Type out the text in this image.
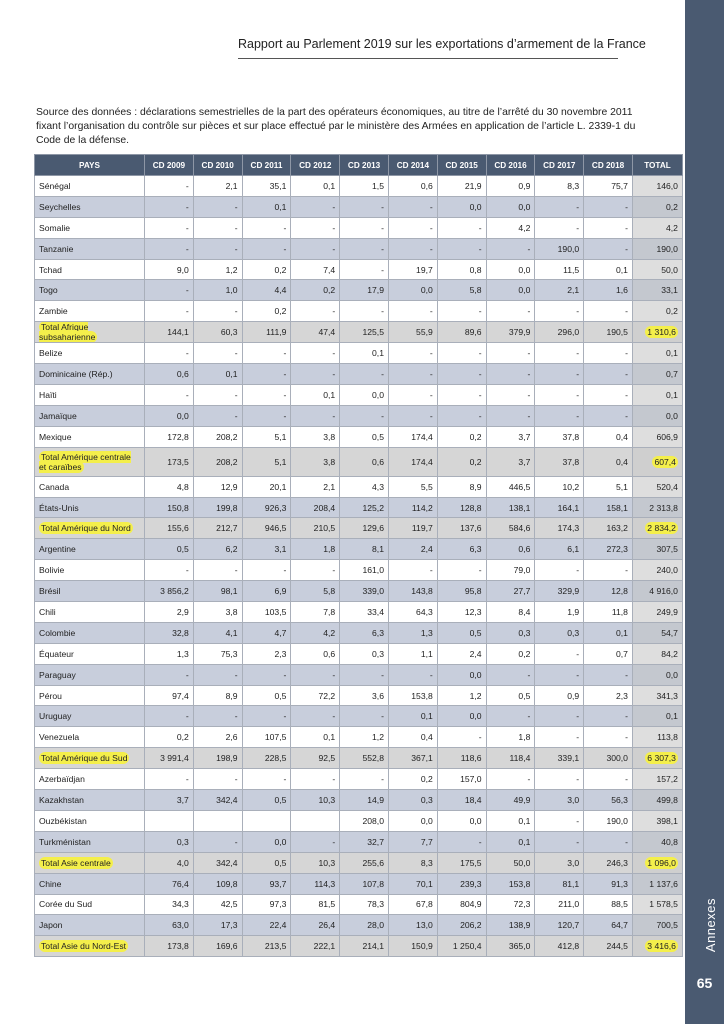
Annexes
65
Rapport au Parlement 2019 sur les exportations d’armement de la France
Source des données : déclarations semestrielles de la part des opérateurs économiques, au titre de l’arrêté du 30 novembre 2011 fixant l’organisation du contrôle sur pièces et sur place effectué par le ministère des Armées en application de l’article L. 2339-1 du Code de la défense.
PAYS	CD 2009	CD 2010	CD 2011	CD 2012	CD 2013	CD 2014	CD 2015	CD 2016	CD 2017	CD 2018	TOTAL
Sénégal	-	2,1	35,1	0,1	1,5	0,6	21,9	0,9	8,3	75,7	146,0
Seychelles	-	-	0,1	-	-	-	0,0	0,0	-	-	0,2
Somalie	-	-	-	-	-	-	-	4,2	-	-	4,2
Tanzanie	-	-	-	-	-	-	-	-	190,0	-	190,0
Tchad	9,0	1,2	0,2	7,4	-	19,7	0,8	0,0	11,5	0,1	50,0
Togo	-	1,0	4,4	0,2	17,9	0,0	5,8	0,0	2,1	1,6	33,1
Zambie	-	-	0,2	-	-	-	-	-	-	-	0,2
Total Afrique subsaharienne	144,1	60,3	111,9	47,4	125,5	55,9	89,6	379,9	296,0	190,5	1 310,6
Belize	-	-	-	-	0,1	-	-	-	-	-	0,1
Dominicaine (Rép.)	0,6	0,1	-	-	-	-	-	-	-	-	0,7
Haïti	-	-	-	0,1	0,0	-	-	-	-	-	0,1
Jamaïque	0,0	-	-	-	-	-	-	-	-	-	0,0
Mexique	172,8	208,2	5,1	3,8	0,5	174,4	0,2	3,7	37,8	0,4	606,9
Total Amérique centrale et caraïbes	173,5	208,2	5,1	3,8	0,6	174,4	0,2	3,7	37,8	0,4	607,4
Canada	4,8	12,9	20,1	2,1	4,3	5,5	8,9	446,5	10,2	5,1	520,4
États-Unis	150,8	199,8	926,3	208,4	125,2	114,2	128,8	138,1	164,1	158,1	2 313,8
Total Amérique du Nord	155,6	212,7	946,5	210,5	129,6	119,7	137,6	584,6	174,3	163,2	2 834,2
Argentine	0,5	6,2	3,1	1,8	8,1	2,4	6,3	0,6	6,1	272,3	307,5
Bolivie	-	-	-	-	161,0	-	-	79,0	-	-	240,0
Brésil	3 856,2	98,1	6,9	5,8	339,0	143,8	95,8	27,7	329,9	12,8	4 916,0
Chili	2,9	3,8	103,5	7,8	33,4	64,3	12,3	8,4	1,9	11,8	249,9
Colombie	32,8	4,1	4,7	4,2	6,3	1,3	0,5	0,3	0,3	0,1	54,7
Équateur	1,3	75,3	2,3	0,6	0,3	1,1	2,4	0,2	-	0,7	84,2
Paraguay	-	-	-	-	-	-	0,0	-	-	-	0,0
Pérou	97,4	8,9	0,5	72,2	3,6	153,8	1,2	0,5	0,9	2,3	341,3
Uruguay	-	-	-	-	-	0,1	0,0	-	-	-	0,1
Venezuela	0,2	2,6	107,5	0,1	1,2	0,4	-	1,8	-	-	113,8
Total Amérique du Sud	3 991,4	198,9	228,5	92,5	552,8	367,1	118,6	118,4	339,1	300,0	6 307,3
Azerbaïdjan	-	-	-	-	-	0,2	157,0	-	-	-	157,2
Kazakhstan	3,7	342,4	0,5	10,3	14,9	0,3	18,4	49,9	3,0	56,3	499,8
Ouzbékistan					208,0	0,0	0,0	0,1	-	190,0	398,1
Turkménistan	0,3	-	0,0	-	32,7	7,7	-	0,1	-	-	40,8
Total Asie centrale	4,0	342,4	0,5	10,3	255,6	8,3	175,5	50,0	3,0	246,3	1 096,0
Chine	76,4	109,8	93,7	114,3	107,8	70,1	239,3	153,8	81,1	91,3	1 137,6
Corée du Sud	34,3	42,5	97,3	81,5	78,3	67,8	804,9	72,3	211,0	88,5	1 578,5
Japon	63,0	17,3	22,4	26,4	28,0	13,0	206,2	138,9	120,7	64,7	700,5
Total Asie du Nord-Est	173,8	169,6	213,5	222,1	214,1	150,9	1 250,4	365,0	412,8	244,5	3 416,6
